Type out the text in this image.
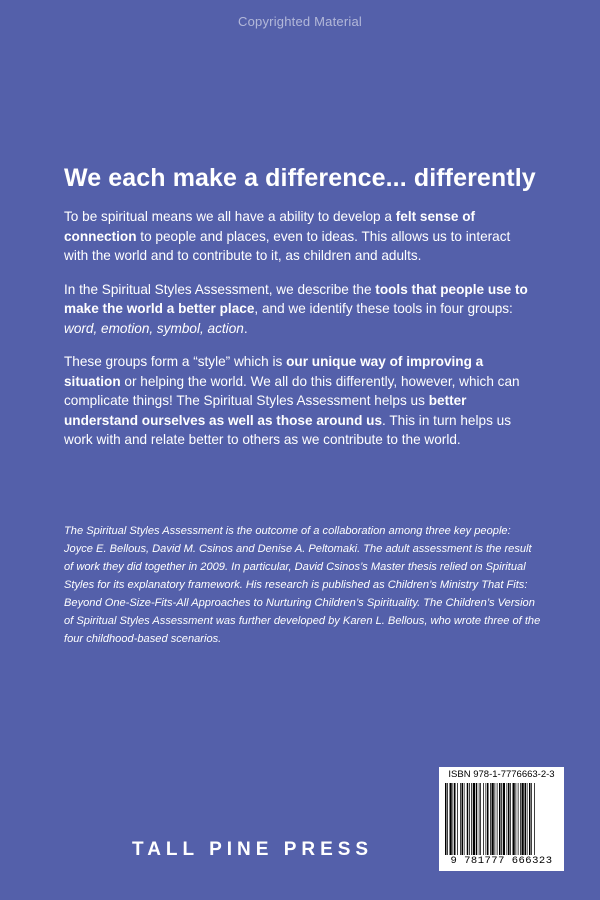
Copyrighted Material
We each make a difference... differently

To be spiritual means we all have a ability to develop a felt sense of connection to people and places, even to ideas. This allows us to interact with the world and to contribute to it, as children and adults.

In the Spiritual Styles Assessment, we describe the tools that people use to make the world a better place, and we identify these tools in four groups: word, emotion, symbol, action.

These groups form a “style” which is our unique way of improving a situation or helping the world. We all do this differently, however, which can complicate things! The Spiritual Styles Assessment helps us better understand ourselves as well as those around us. This in turn helps us work with and relate better to others as we contribute to the world.

The Spiritual Styles Assessment is the outcome of a collaboration among three key people: Joyce E. Bellous, David M. Csinos and Denise A. Peltomaki. The adult assessment is the result of work they did together in 2009. In particular, David Csinos’s Master thesis relied on Spiritual Styles for its explanatory framework. His research is published as Children’s Ministry That Fits: Beyond One-Size-Fits-All Approaches to Nurturing Children’s Spirituality. The Children’s Version of Spiritual Styles Assessment was further developed by Karen L. Bellous, who wrote three of the four childhood-based scenarios.
TALL PINE PRESS
ISBN 978-1-7776663-2-3
9 781777 666323
